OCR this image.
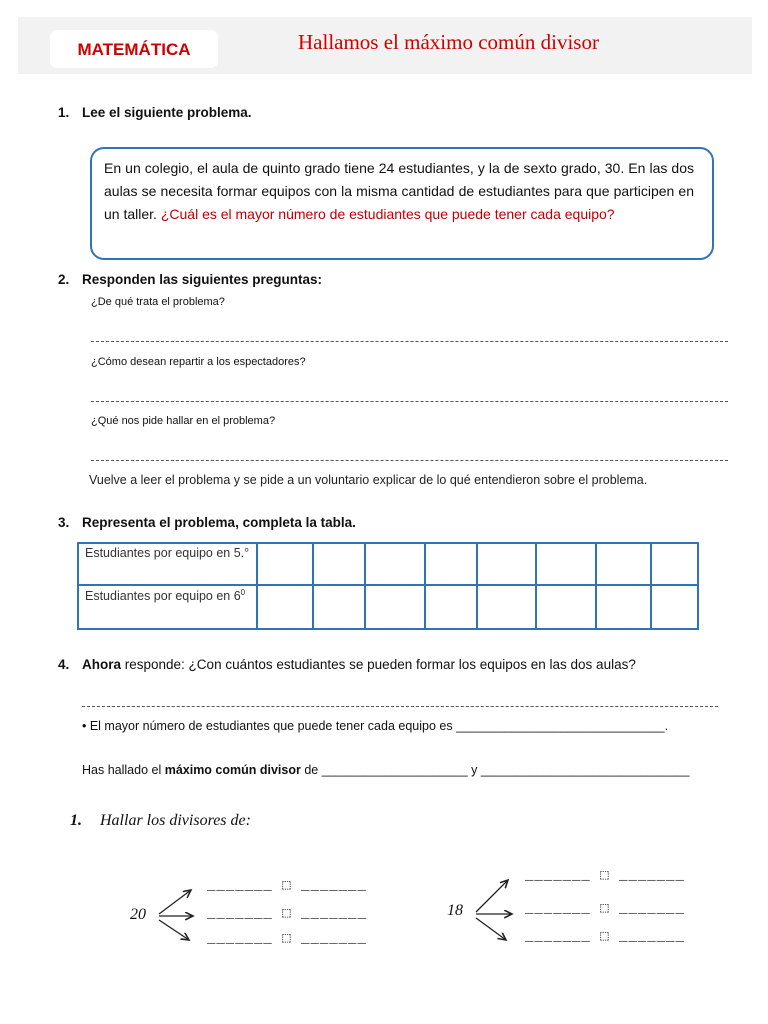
MATEMÁTICA	Hallamos el máximo común divisor
1. Lee el siguiente problema.
En un colegio, el aula de quinto grado tiene 24 estudiantes, y la de sexto grado, 30. En las dos aulas se necesita formar equipos con la misma cantidad de estudiantes para que participen en un taller. ¿Cuál es el mayor número de estudiantes que puede tener cada equipo?
2. Responden las siguientes preguntas:
¿De qué trata el problema?
¿Cómo desean repartir a los espectadores?
¿Qué nos pide hallar en el problema?
Vuelve a leer el problema y se pide a un voluntario explicar de lo qué entendieron sobre el problema.
3. Representa el problema, completa la tabla.
Estudiantes por equipo en 5.°								
Estudiantes por equipo en $6^0$								
4. Ahora responde: ¿Con cuántos estudiantes se pueden formar los equipos en las dos aulas?
• El mayor número de estudiantes que puede tener cada equipo es ______________________________.
Has hallado el máximo común divisor de _____________________ y ______________________________
1. Hallar los divisores de:
20
_______ ⬚ _______
_______ ⬚ _______
_______ ⬚ _______
18
_______ ⬚ _______
_______ ⬚ _______
_______ ⬚ _______
